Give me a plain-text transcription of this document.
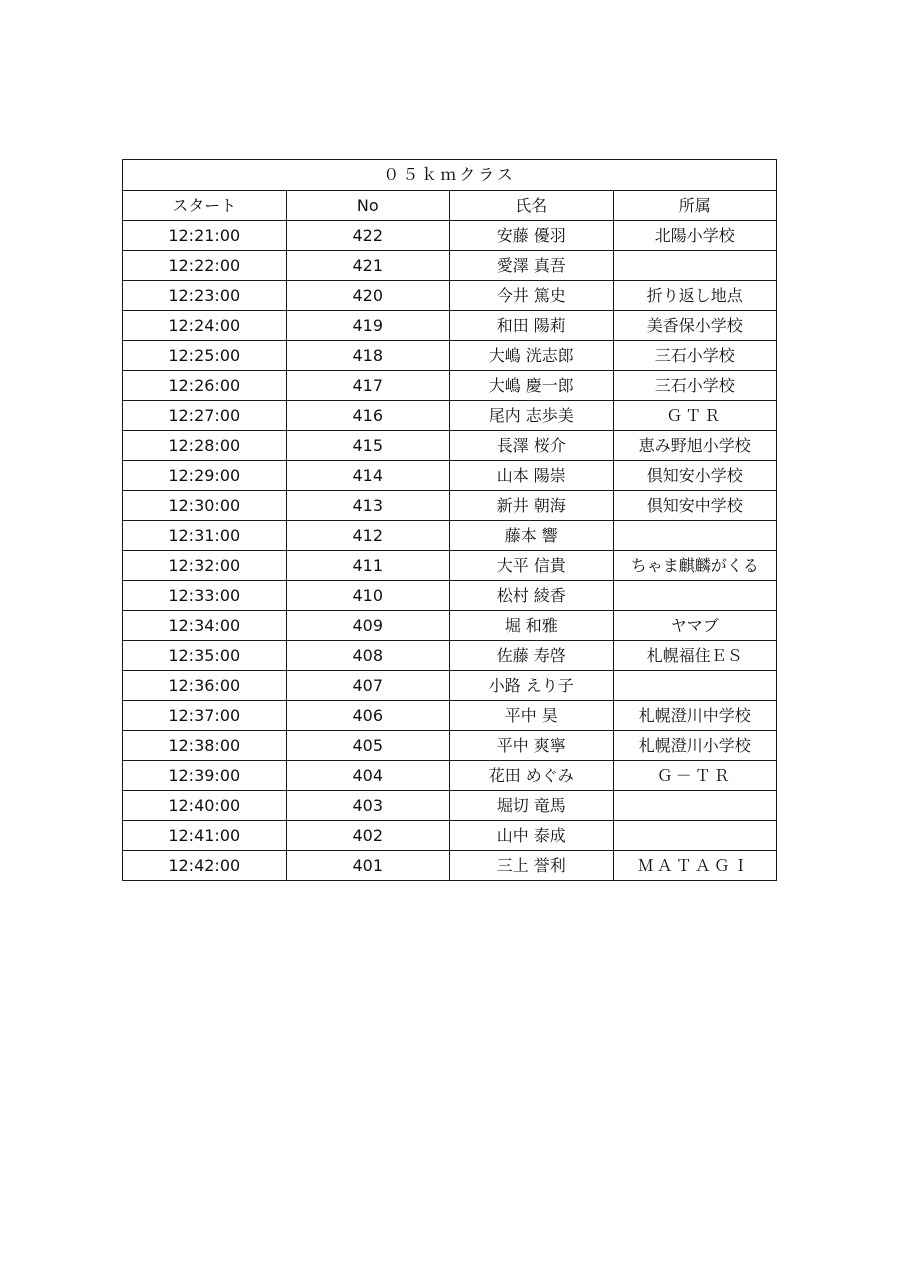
０５ｋｍクラス			
スタート	No	氏名	所属
12:21:00	422	安藤 優羽	北陽小学校
12:22:00	421	愛澤 真吾	
12:23:00	420	今井 篤史	折り返し地点
12:24:00	419	和田 陽莉	美香保小学校
12:25:00	418	大嶋 洸志郎	三石小学校
12:26:00	417	大嶋 慶一郎	三石小学校
12:27:00	416	尾内 志歩美	ＧＴＲ
12:28:00	415	長澤 桜介	恵み野旭小学校
12:29:00	414	山本 陽崇	倶知安小学校
12:30:00	413	新井 朝海	倶知安中学校
12:31:00	412	藤本 響	
12:32:00	411	大平 信貴	ちゃま麒麟がくる
12:33:00	410	松村 綾香	
12:34:00	409	堀 和雅	ヤマブ
12:35:00	408	佐藤 寿啓	札幌福住ＥＳ
12:36:00	407	小路 えり子	
12:37:00	406	平中 昊	札幌澄川中学校
12:38:00	405	平中 爽寧	札幌澄川小学校
12:39:00	404	花田 めぐみ	Ｇ－ＴＲ
12:40:00	403	堀切 竜馬	
12:41:00	402	山中 泰成	
12:42:00	401	三上 誉利	ＭＡＴＡＧＩ
